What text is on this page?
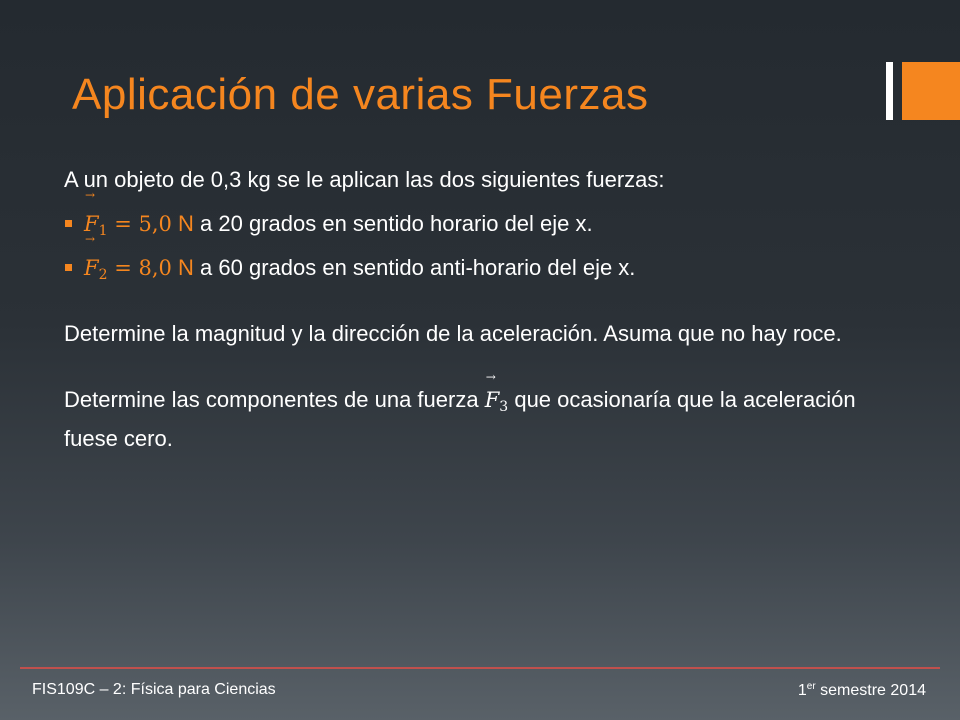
Aplicación de varias Fuerzas

A un objeto de 0,3 kg se le aplican las dos siguientes fuerzas:

→ $F_1 = 5,0$ N a 20 grados en sentido horario del eje x.
→ $F_2 = 8,0$ N a 60 grados en sentido anti-horario del eje x.

Determine la magnitud y la dirección de la aceleración. Asuma que no hay roce.

Determine las componentes de una fuerza → $F_3$ que ocasionaría que la aceleración fuese cero.

FIS109C – 2: Física para Ciencias	1er semestre 2014
